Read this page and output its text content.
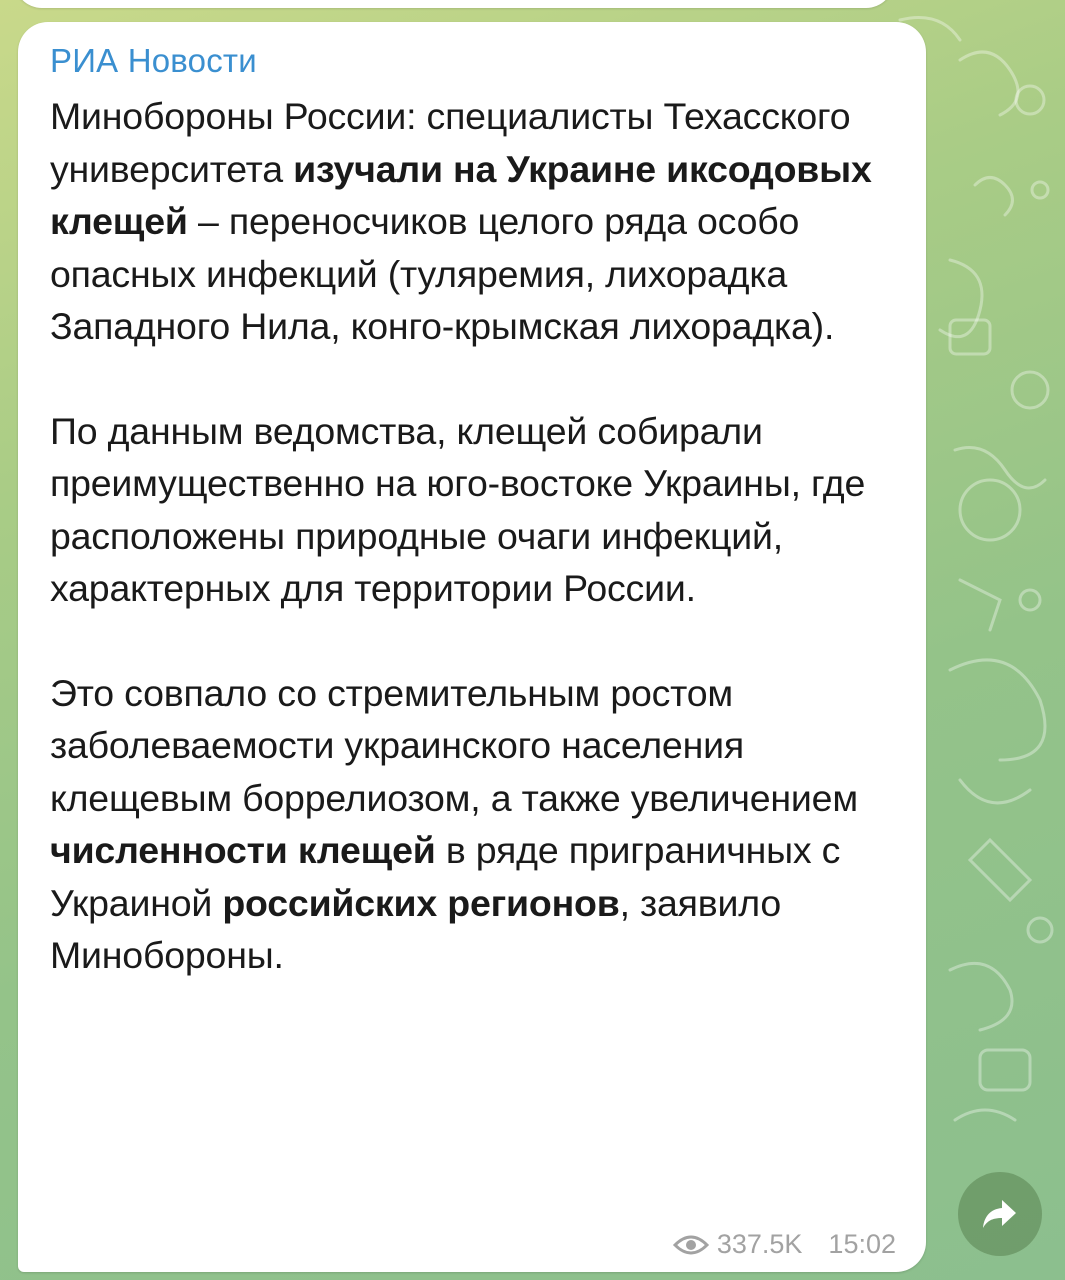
РИА Новости

Минобороны России: специалисты Техасского университета изучали на Украине иксодовых клещей – переносчиков целого ряда особо опасных инфекций (туляремия, лихорадка Западного Нила, конго-крымская лихорадка).

По данным ведомства, клещей собирали преимущественно на юго-востоке Украины, где расположены природные очаги инфекций, характерных для территории России.

Это совпало со стремительным ростом заболеваемости украинского населения клещевым боррелиозом, а также увеличением численности клещей в ряде приграничных с Украиной российских регионов, заявило Минобороны.

337.5K 15:02
